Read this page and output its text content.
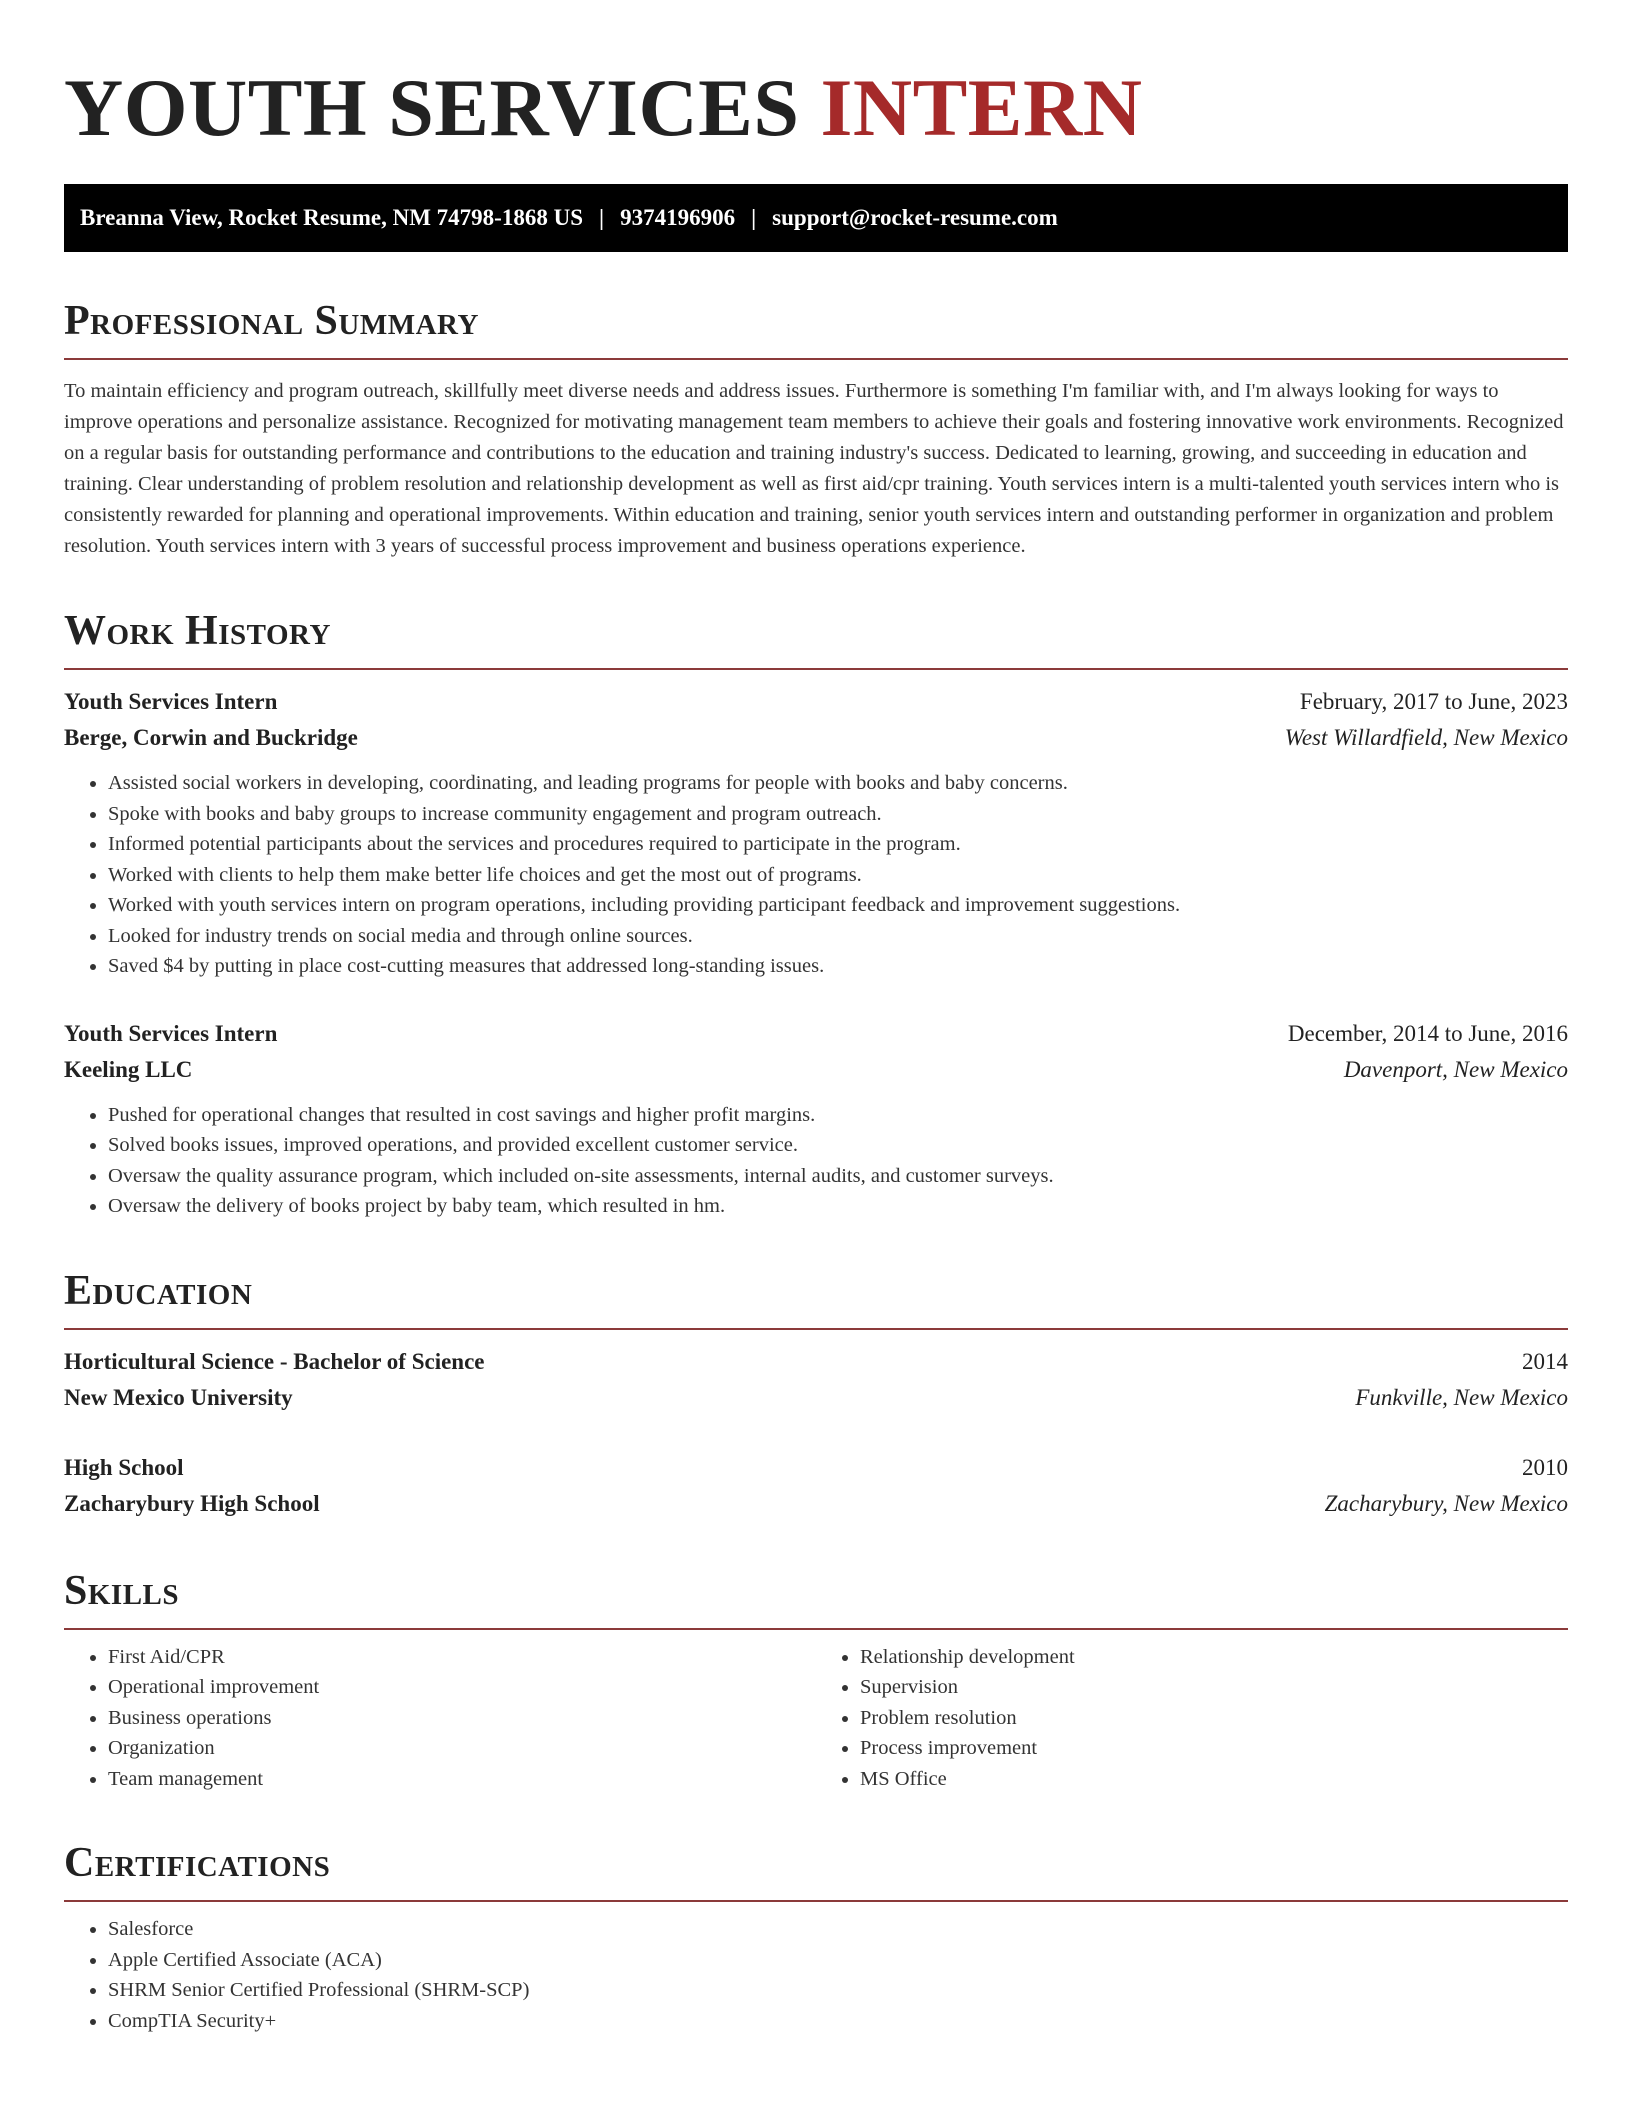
YOUTH SERVICES INTERN
Breanna View, Rocket Resume, NM 74798-1868 US | 9374196906 | support@rocket-resume.com
Professional Summary

To maintain efficiency and program outreach, skillfully meet diverse needs and address issues. Furthermore is something I'm familiar with, and I'm always looking for ways to improve operations and personalize assistance. Recognized for motivating management team members to achieve their goals and fostering innovative work environments. Recognized on a regular basis for outstanding performance and contributions to the education and training industry's success. Dedicated to learning, growing, and succeeding in education and training. Clear understanding of problem resolution and relationship development as well as first aid/cpr training. Youth services intern is a multi-talented youth services intern who is consistently rewarded for planning and operational improvements. Within education and training, senior youth services intern and outstanding performer in organization and problem resolution. Youth services intern with 3 years of successful process improvement and business operations experience.

Work History
Youth Services Intern	February, 2017 to June, 2023
Berge, Corwin and Buckridge	West Willardfield, New Mexico
• Assisted social workers in developing, coordinating, and leading programs for people with books and baby concerns.
• Spoke with books and baby groups to increase community engagement and program outreach.
• Informed potential participants about the services and procedures required to participate in the program.
• Worked with clients to help them make better life choices and get the most out of programs.
• Worked with youth services intern on program operations, including providing participant feedback and improvement suggestions.
• Looked for industry trends on social media and through online sources.
• Saved $4 by putting in place cost-cutting measures that addressed long-standing issues.
Youth Services Intern	December, 2014 to June, 2016
Keeling LLC	Davenport, New Mexico
• Pushed for operational changes that resulted in cost savings and higher profit margins.
• Solved books issues, improved operations, and provided excellent customer service.
• Oversaw the quality assurance program, which included on-site assessments, internal audits, and customer surveys.
• Oversaw the delivery of books project by baby team, which resulted in hm.
Education
Horticultural Science - Bachelor of Science	2014
New Mexico University	Funkville, New Mexico
High School	2010
Zacharybury High School	Zacharybury, New Mexico
Skills
• First Aid/CPR
• Operational improvement
• Business operations
• Organization
• Team management
• Relationship development
• Supervision
• Problem resolution
• Process improvement
• MS Office
Certifications
• Salesforce
• Apple Certified Associate (ACA)
• SHRM Senior Certified Professional (SHRM-SCP)
• CompTIA Security+
